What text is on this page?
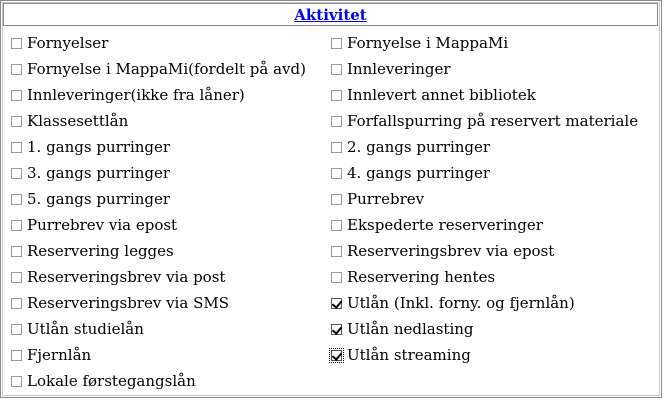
Aktivitet
Fornyelser
Fornyelse i MappaMi(fordelt på avd)
Innleveringer(ikke fra låner)
Klassesettlån
1. gangs purringer
3. gangs purringer
5. gangs purringer
Purrebrev via epost
Reservering legges
Reserveringsbrev via post
Reserveringsbrev via SMS
Utlån studielån
Fjernlån
Lokale førstegangslån
Fornyelse i MappaMi
Innleveringer
Innlevert annet bibliotek
Forfallspurring på reservert materiale
2. gangs purringer
4. gangs purringer
Purrebrev
Ekspederte reserveringer
Reserveringsbrev via epost
Reservering hentes
Utlån (Inkl. forny. og fjernlån)
Utlån nedlasting
Utlån streaming
